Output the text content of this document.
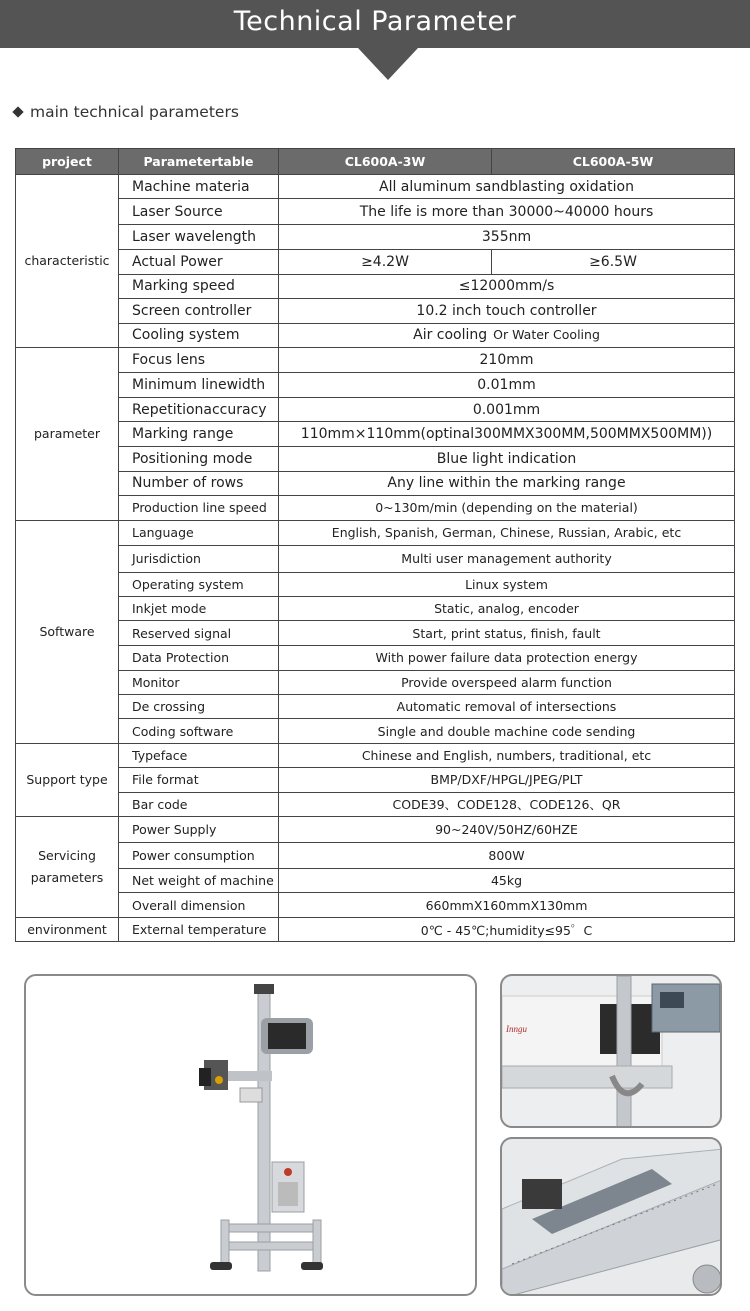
Technical Parameter
main technical parameters
project	Parametertable	CL600A-3W	CL600A-5W
characteristic	Machine materia	All aluminum sandblasting oxidation	
	Laser Source	The life is more than 30000~40000 hours	
	Laser wavelength	355nm	
	Actual Power	≥4.2W	≥6.5W
	Marking speed	≤12000mm/s	
	Screen controller	10.2 inch touch controller	
	Cooling system	Air cooling Or Water Cooling	
parameter	Focus lens	210mm	
	Minimum linewidth	0.01mm	
	Repetitionaccuracy	0.001mm	
	Marking range	110mm×110mm(optinal300MMX300MM,500MMX500MM))	
	Positioning mode	Blue light indication	
	Number of rows	Any line within the marking range	
	Production line speed	0~130m/min (depending on the material)	
Software	Language	English, Spanish, German, Chinese, Russian, Arabic, etc	
	Jurisdiction	Multi user management authority	
	Operating system	Linux system	
	Inkjet mode	Static, analog, encoder	
	Reserved signal	Start, print status, finish, fault	
	Data Protection	With power failure data protection energy	
	Monitor	Provide overspeed alarm function	
	De crossing	Automatic removal of intersections	
	Coding software	Single and double machine code sending	
Support type	Typeface	Chinese and English, numbers, traditional, etc	
	File format	BMP/DXF/HPGL/JPEG/PLT	
	Bar code	CODE39、CODE128、CODE126、QR	
Servicing parameters	Power Supply	90~240V/50HZ/60HZE	
	Power consumption	800W	
	Net weight of machine	45kg	
	Overall dimension	660mmX160mmX130mm	
environment	External temperature	0℃ - 45℃;humidity≤95゜C	
Inngu
